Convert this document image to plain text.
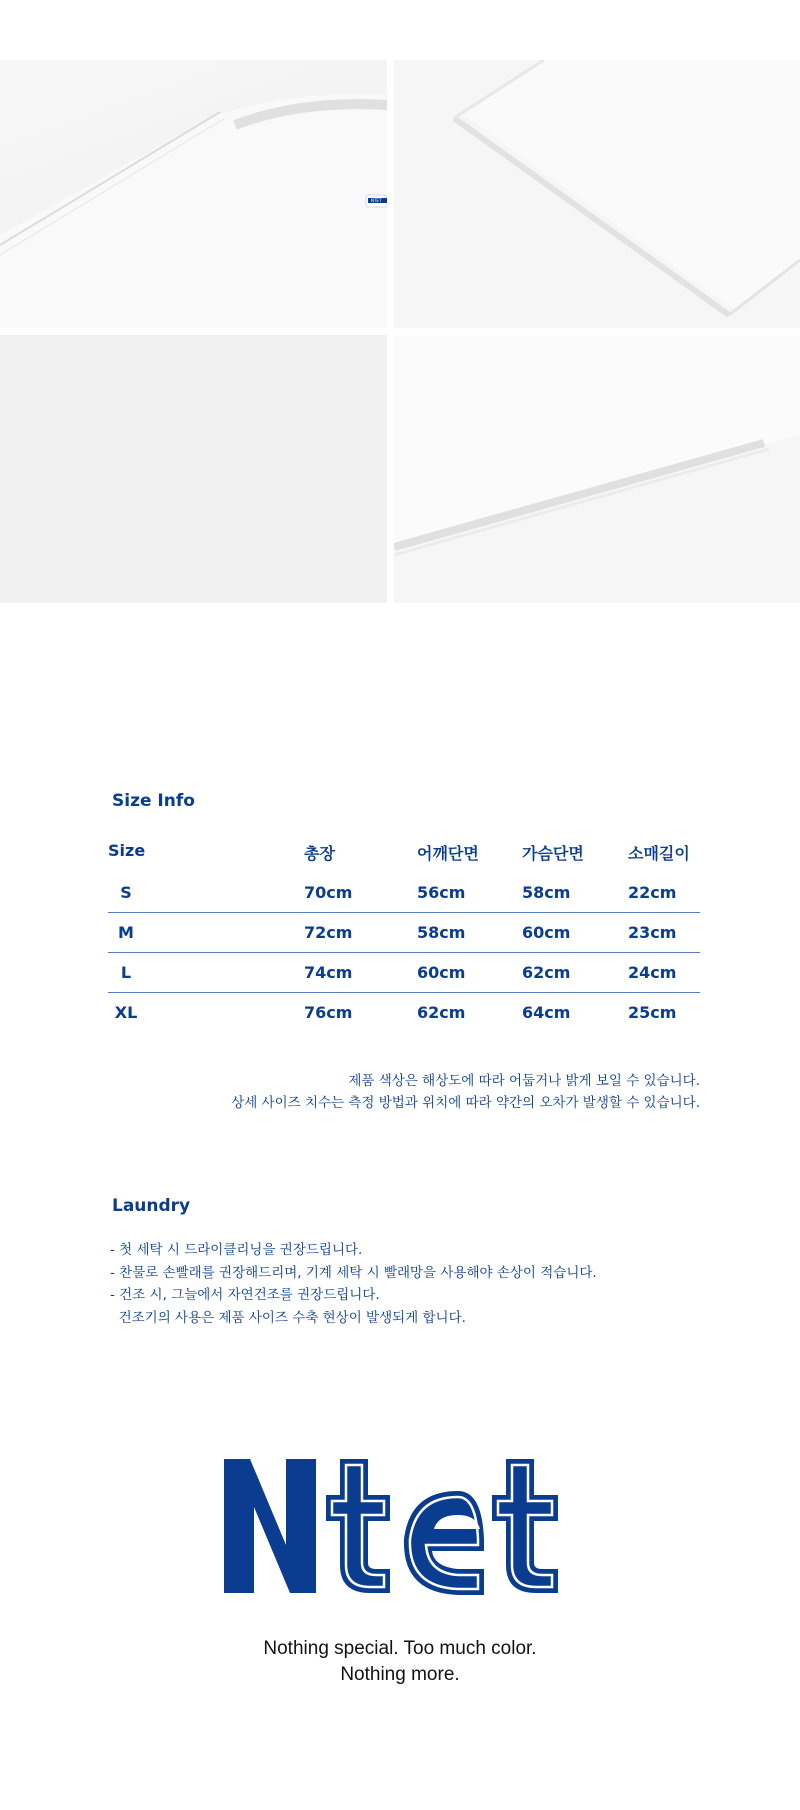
NTET
Size Info
Size	총장	어깨단면	가슴단면	소매길이
S	70cm	56cm	58cm	22cm
M	72cm	58cm	60cm	23cm
L	74cm	60cm	62cm	24cm
XL	76cm	62cm	64cm	25cm
제품 색상은 해상도에 따라 어둡거나 밝게 보일 수 있습니다.
상세 사이즈 치수는 측정 방법과 위치에 따라 약간의 오차가 발생할 수 있습니다.
Laundry
- 첫 세탁 시 드라이클리닝을 권장드립니다.
- 찬물로 손빨래를 권장해드리며, 기계 세탁 시 빨래망을 사용해야 손상이 적습니다.
- 건조 시, 그늘에서 자연건조를 권장드립니다.
건조기의 사용은 제품 사이즈 수축 현상이 발생되게 합니다.
Nothing special. Too much color.
Nothing more.
